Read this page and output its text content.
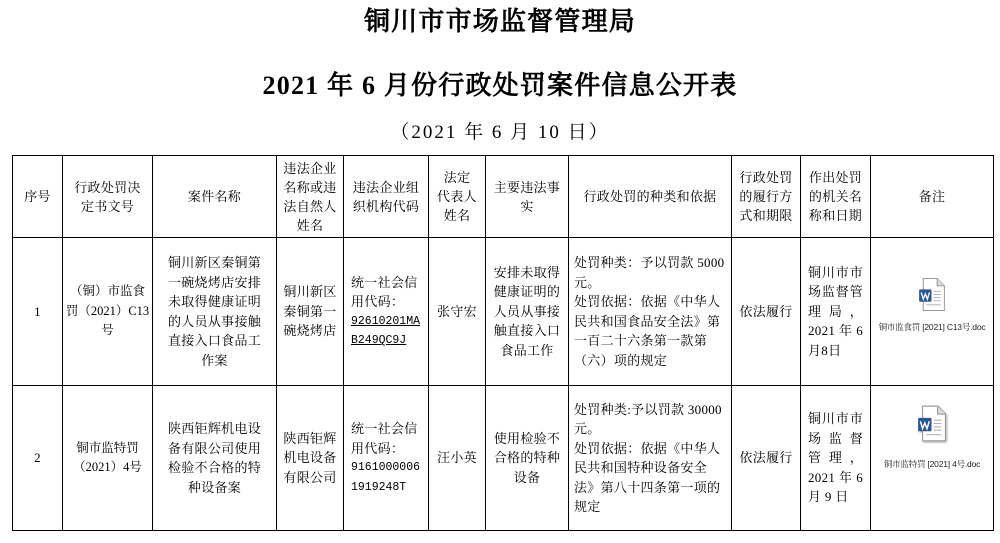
铜川市市场监督管理局
2021 年 6 月份行政处罚案件信息公开表
（2021 年 6 月 10 日）
序号	行政处罚决定书文号	案件名称	违法企业名称或违法自然人姓名	违法企业组织机构代码	法定
代表人
姓名	主要违法事实	行政处罚的种类和依据	行政处罚的履行方式和期限	作出处罚的机关名称和日期	备注
1	（铜）市监食罚（2021）C13号	铜川新区秦铜第一碗烧烤店安排未取得健康证明的人员从事接触直接入口食品工作案	铜川新区秦铜第一碗烧烤店	统一社会信用代码：
92610201MAB249QC9J	张守宏	安排未取得健康证明的人员从事接触直接入口食品工作	处罚种类：予以罚款 5000 元。
处罚依据：依据《中华人民共和国食品安全法》第一百二十六条第一款第（六）项的规定	依法履行	铜川市市场监督管理局，2021 年 6 月8日	铜市监食罚 [2021] C13号.doc

2	铜市监特罚（2021）4号	陕西钜辉机电设备有限公司使用检验不合格的特种设备案	陕西钜辉机电设备有限公司	统一社会信用代码：
91610000061919248T	汪小英	使用检验不合格的特种设备	处罚种类:予以罚款 30000 元。
处罚依据：依据《中华人民共和国特种设备安全法》第八十四条第一项的规定	依法履行	铜川市市场监督 管理，2021 年 6 月 9 日	铜市监特罚 [2021] 4号.doc
